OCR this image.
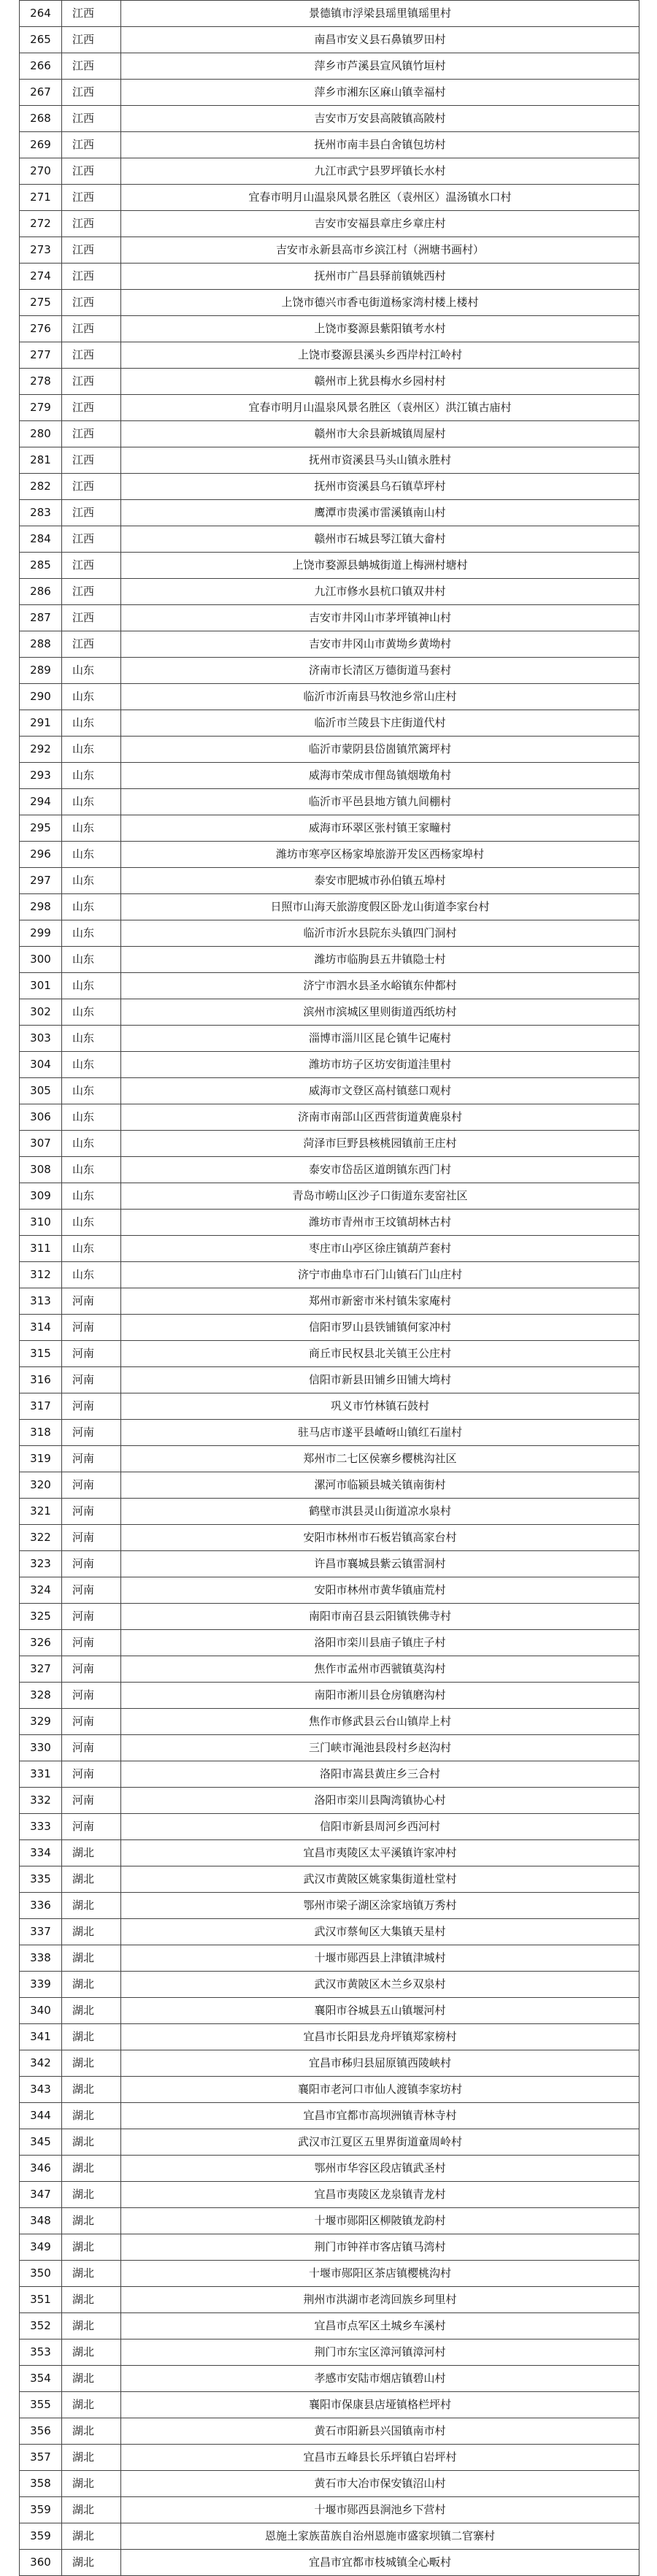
264	江西	景德镇市浮梁县瑶里镇瑶里村
265	江西	南昌市安义县石鼻镇罗田村
266	江西	萍乡市芦溪县宣风镇竹垣村
267	江西	萍乡市湘东区麻山镇幸福村
268	江西	吉安市万安县高陂镇高陂村
269	江西	抚州市南丰县白舍镇包坊村
270	江西	九江市武宁县罗坪镇长水村
271	江西	宜春市明月山温泉风景名胜区（袁州区）温汤镇水口村
272	江西	吉安市安福县章庄乡章庄村
273	江西	吉安市永新县高市乡滨江村（洲塘书画村）
274	江西	抚州市广昌县驿前镇姚西村
275	江西	上饶市德兴市香屯街道杨家湾村楼上楼村
276	江西	上饶市婺源县紫阳镇考水村
277	江西	上饶市婺源县溪头乡西岸村江岭村
278	江西	赣州市上犹县梅水乡园村村
279	江西	宜春市明月山温泉风景名胜区（袁州区）洪江镇古庙村
280	江西	赣州市大余县新城镇周屋村
281	江西	抚州市资溪县马头山镇永胜村
282	江西	抚州市资溪县乌石镇草坪村
283	江西	鹰潭市贵溪市雷溪镇南山村
284	江西	赣州市石城县琴江镇大畲村
285	江西	上饶市婺源县蚺城街道上梅洲村塘村
286	江西	九江市修水县杭口镇双井村
287	江西	吉安市井冈山市茅坪镇神山村
288	江西	吉安市井冈山市黄坳乡黄坳村
289	山东	济南市长清区万德街道马套村
290	山东	临沂市沂南县马牧池乡常山庄村
291	山东	临沂市兰陵县卞庄街道代村
292	山东	临沂市蒙阴县岱崮镇笊篱坪村
293	山东	威海市荣成市俚岛镇烟墩角村
294	山东	临沂市平邑县地方镇九间棚村
295	山东	威海市环翠区张村镇王家疃村
296	山东	潍坊市寒亭区杨家埠旅游开发区西杨家埠村
297	山东	泰安市肥城市孙伯镇五埠村
298	山东	日照市山海天旅游度假区卧龙山街道李家台村
299	山东	临沂市沂水县院东头镇四门洞村
300	山东	潍坊市临朐县五井镇隐士村
301	山东	济宁市泗水县圣水峪镇东仲都村
302	山东	滨州市滨城区里则街道西纸坊村
303	山东	淄博市淄川区昆仑镇牛记庵村
304	山东	潍坊市坊子区坊安街道洼里村
305	山东	威海市文登区高村镇慈口观村
306	山东	济南市南部山区西营街道黄鹿泉村
307	山东	菏泽市巨野县核桃园镇前王庄村
308	山东	泰安市岱岳区道朗镇东西门村
309	山东	青岛市崂山区沙子口街道东麦窑社区
310	山东	潍坊市青州市王坟镇胡林古村
311	山东	枣庄市山亭区徐庄镇葫芦套村
312	山东	济宁市曲阜市石门山镇石门山庄村
313	河南	郑州市新密市米村镇朱家庵村
314	河南	信阳市罗山县铁铺镇何家冲村
315	河南	商丘市民权县北关镇王公庄村
316	河南	信阳市新县田铺乡田铺大塆村
317	河南	巩义市竹林镇石鼓村
318	河南	驻马店市遂平县嵖岈山镇红石崖村
319	河南	郑州市二七区侯寨乡樱桃沟社区
320	河南	漯河市临颍县城关镇南街村
321	河南	鹤壁市淇县灵山街道凉水泉村
322	河南	安阳市林州市石板岩镇高家台村
323	河南	许昌市襄城县紫云镇雷洞村
324	河南	安阳市林州市黄华镇庙荒村
325	河南	南阳市南召县云阳镇铁佛寺村
326	河南	洛阳市栾川县庙子镇庄子村
327	河南	焦作市孟州市西虢镇莫沟村
328	河南	南阳市淅川县仓房镇磨沟村
329	河南	焦作市修武县云台山镇岸上村
330	河南	三门峡市渑池县段村乡赵沟村
331	河南	洛阳市嵩县黄庄乡三合村
332	河南	洛阳市栾川县陶湾镇协心村
333	河南	信阳市新县周河乡西河村
334	湖北	宜昌市夷陵区太平溪镇许家冲村
335	湖北	武汉市黄陂区姚家集街道杜堂村
336	湖北	鄂州市梁子湖区涂家垴镇万秀村
337	湖北	武汉市蔡甸区大集镇天星村
338	湖北	十堰市郧西县上津镇津城村
339	湖北	武汉市黄陂区木兰乡双泉村
340	湖北	襄阳市谷城县五山镇堰河村
341	湖北	宜昌市长阳县龙舟坪镇郑家榜村
342	湖北	宜昌市秭归县屈原镇西陵峡村
343	湖北	襄阳市老河口市仙人渡镇李家坊村
344	湖北	宜昌市宜都市高坝洲镇青林寺村
345	湖北	武汉市江夏区五里界街道童周岭村
346	湖北	鄂州市华容区段店镇武圣村
347	湖北	宜昌市夷陵区龙泉镇青龙村
348	湖北	十堰市郧阳区柳陂镇龙韵村
349	湖北	荆门市钟祥市客店镇马湾村
350	湖北	十堰市郧阳区茶店镇樱桃沟村
351	湖北	荆州市洪湖市老湾回族乡珂里村
352	湖北	宜昌市点军区土城乡车溪村
353	湖北	荆门市东宝区漳河镇漳河村
354	湖北	孝感市安陆市烟店镇碧山村
355	湖北	襄阳市保康县店垭镇格栏坪村
356	湖北	黄石市阳新县兴国镇南市村
357	湖北	宜昌市五峰县长乐坪镇白岩坪村
358	湖北	黄石市大冶市保安镇沼山村
359	湖北	十堰市郧西县涧池乡下营村
359	湖北	恩施土家族苗族自治州恩施市盛家坝镇二官寨村
360	湖北	宜昌市宜都市枝城镇全心畈村
